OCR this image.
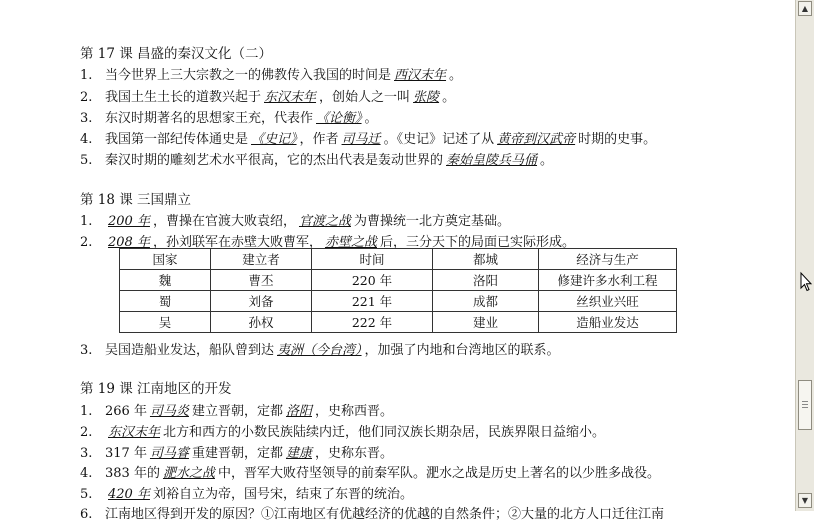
第 17 课 昌盛的秦汉文化（二）
1. 当今世界上三大宗教之一的佛教传入我国的时间是 西汉末年 。
2. 我国土生土长的道教兴起于 东汉末年 ，创始人之一叫 张陵 。
3. 东汉时期著名的思想家王充，代表作 《论衡》 。
4. 我国第一部纪传体通史是 《史记》 ，作者 司马迁 。《史记》记述了从 黄帝到汉武帝 时期的史事。
5. 秦汉时期的雕刻艺术水平很高，它的杰出代表是轰动世界的 秦始皇陵兵马俑 。
第 18 课 三国鼎立
1. 200 年 ，曹操在官渡大败袁绍， 官渡之战 为曹操统一北方奠定基础。
2. 208 年 ，孙刘联军在赤壁大败曹军， 赤壁之战 后，三分天下的局面已实际形成。
国家	建立者	时间	都城	经济与生产
魏	曹丕	220 年	洛阳	修建许多水利工程
蜀	刘备	221 年	成都	丝织业兴旺
吴	孙权	222 年	建业	造船业发达
3. 吴国造船业发达，船队曾到达 夷洲（今台湾） ，加强了内地和台湾地区的联系。
第 19 课 江南地区的开发
1. 266 年 司马炎 建立晋朝，定都 洛阳 ，史称西晋。
2. 东汉末年 北方和西方的小数民族陆续内迁，他们同汉族长期杂居，民族界限日益缩小。
3. 317 年 司马睿 重建晋朝，定都 建康 ，史称东晋。
4. 383 年的 淝水之战 中，晋军大败苻坚领导的前秦军队。淝水之战是历史上著名的以少胜多战役。
5. 420 年 刘裕自立为帝，国号宋，结束了东晋的统治。
6. 江南地区得到开发的原因？①江南地区有优越经济的优越的自然条件；②大量的北方人口迁往江南
▲
▼
